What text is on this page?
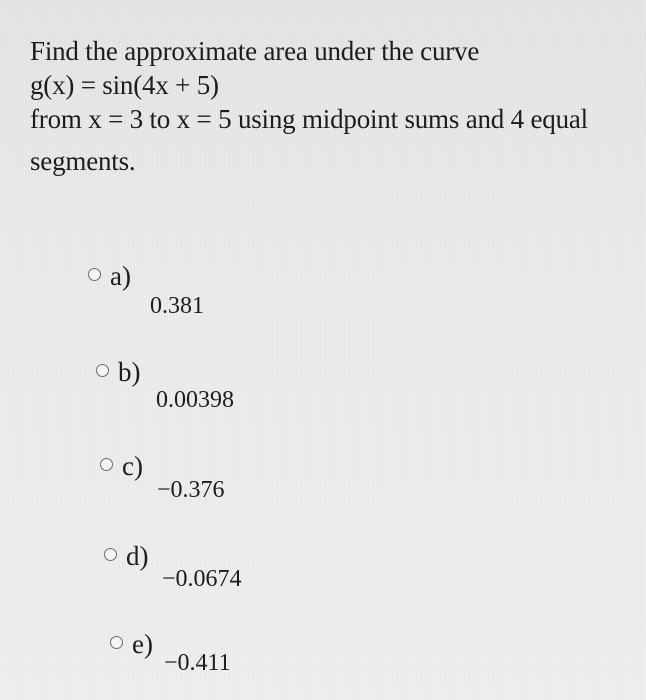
Find the approximate area under the curve
g(x) = sin(4x + 5)
from x = 3 to x = 5 using midpoint sums and 4 equal
segments.
a)
0.381
b)
0.00398
c)
−0.376
d)
−0.0674
e)
−0.411
